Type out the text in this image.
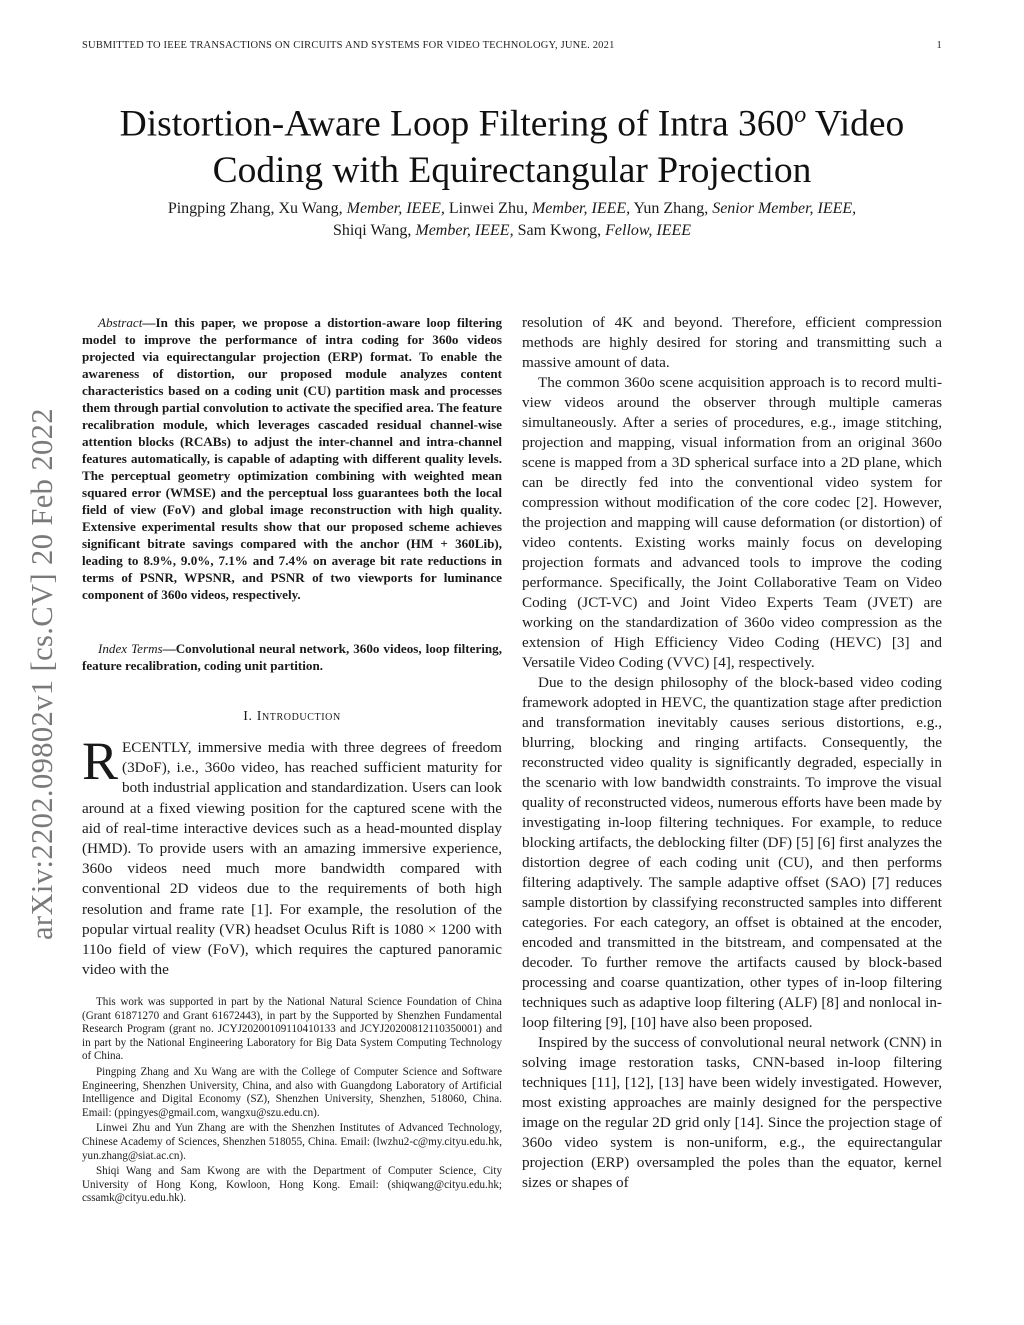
SUBMITTED TO IEEE TRANSACTIONS ON CIRCUITS AND SYSTEMS FOR VIDEO TECHNOLOGY, JUNE. 2021	1
Distortion-Aware Loop Filtering of Intra 360$^o$ Video
Coding with Equirectangular Projection
Pingping Zhang, Xu Wang, Member, IEEE, Linwei Zhu, Member, IEEE, Yun Zhang, Senior Member, IEEE,
Shiqi Wang, Member, IEEE, Sam Kwong, Fellow, IEEE
arXiv:2202.09802v1 [cs.CV] 20 Feb 2022
Abstract—In this paper, we propose a distortion-aware loop filtering model to improve the performance of intra coding for 360o videos projected via equirectangular projection (ERP) format. To enable the awareness of distortion, our proposed module analyzes content characteristics based on a coding unit (CU) partition mask and processes them through partial convolution to activate the specified area. The feature recalibration module, which leverages cascaded residual channel-wise attention blocks (RCABs) to adjust the inter-channel and intra-channel features automatically, is capable of adapting with different quality levels. The perceptual geometry optimization combining with weighted mean squared error (WMSE) and the perceptual loss guarantees both the local field of view (FoV) and global image reconstruction with high quality. Extensive experimental results show that our proposed scheme achieves significant bitrate savings compared with the anchor (HM + 360Lib), leading to 8.9%, 9.0%, 7.1% and 7.4% on average bit rate reductions in terms of PSNR, WPSNR, and PSNR of two viewports for luminance component of 360o videos, respectively.
Index Terms—Convolutional neural network, 360o videos, loop filtering, feature recalibration, coding unit partition.
I. Introduction
RECENTLY, immersive media with three degrees of freedom (3DoF), i.e., 360o video, has reached sufficient maturity for both industrial application and standardization. Users can look around at a fixed viewing position for the captured scene with the aid of real-time interactive devices such as a head-mounted display (HMD). To provide users with an amazing immersive experience, 360o videos need much more bandwidth compared with conventional 2D videos due to the requirements of both high resolution and frame rate [1]. For example, the resolution of the popular virtual reality (VR) headset Oculus Rift is 1080 × 1200 with 110o field of view (FoV), which requires the captured panoramic video with the

This work was supported in part by the National Natural Science Foundation of China (Grant 61871270 and Grant 61672443), in part by the Supported by Shenzhen Fundamental Research Program (grant no. JCYJ20200109110410133 and JCYJ20200812110350001) and in part by the National Engineering Laboratory for Big Data System Computing Technology of China.

Pingping Zhang and Xu Wang are with the College of Computer Science and Software Engineering, Shenzhen University, China, and also with Guangdong Laboratory of Artificial Intelligence and Digital Economy (SZ), Shenzhen University, Shenzhen, 518060, China. Email: (ppingyes@gmail.com, wangxu@szu.edu.cn).

Linwei Zhu and Yun Zhang are with the Shenzhen Institutes of Advanced Technology, Chinese Academy of Sciences, Shenzhen 518055, China. Email: (lwzhu2-c@my.cityu.edu.hk, yun.zhang@siat.ac.cn).

Shiqi Wang and Sam Kwong are with the Department of Computer Science, City University of Hong Kong, Kowloon, Hong Kong. Email: (shiqwang@cityu.edu.hk; cssamk@cityu.edu.hk).

resolution of 4K and beyond. Therefore, efficient compression methods are highly desired for storing and transmitting such a massive amount of data.

The common 360o scene acquisition approach is to record multi-view videos around the observer through multiple cameras simultaneously. After a series of procedures, e.g., image stitching, projection and mapping, visual information from an original 360o scene is mapped from a 3D spherical surface into a 2D plane, which can be directly fed into the conventional video system for compression without modification of the core codec [2]. However, the projection and mapping will cause deformation (or distortion) of video contents. Existing works mainly focus on developing projection formats and advanced tools to improve the coding performance. Specifically, the Joint Collaborative Team on Video Coding (JCT-VC) and Joint Video Experts Team (JVET) are working on the standardization of 360o video compression as the extension of High Efficiency Video Coding (HEVC) [3] and Versatile Video Coding (VVC) [4], respectively.

Due to the design philosophy of the block-based video coding framework adopted in HEVC, the quantization stage after prediction and transformation inevitably causes serious distortions, e.g., blurring, blocking and ringing artifacts. Consequently, the reconstructed video quality is significantly degraded, especially in the scenario with low bandwidth constraints. To improve the visual quality of reconstructed videos, numerous efforts have been made by investigating in-loop filtering techniques. For example, to reduce blocking artifacts, the deblocking filter (DF) [5] [6] first analyzes the distortion degree of each coding unit (CU), and then performs filtering adaptively. The sample adaptive offset (SAO) [7] reduces sample distortion by classifying reconstructed samples into different categories. For each category, an offset is obtained at the encoder, encoded and transmitted in the bitstream, and compensated at the decoder. To further remove the artifacts caused by block-based processing and coarse quantization, other types of in-loop filtering techniques such as adaptive loop filtering (ALF) [8] and nonlocal in-loop filtering [9], [10] have also been proposed.

Inspired by the success of convolutional neural network (CNN) in solving image restoration tasks, CNN-based in-loop filtering techniques [11], [12], [13] have been widely investigated. However, most existing approaches are mainly designed for the perspective image on the regular 2D grid only [14]. Since the projection stage of 360o video system is non-uniform, e.g., the equirectangular projection (ERP) oversampled the poles than the equator, kernel sizes or shapes of
